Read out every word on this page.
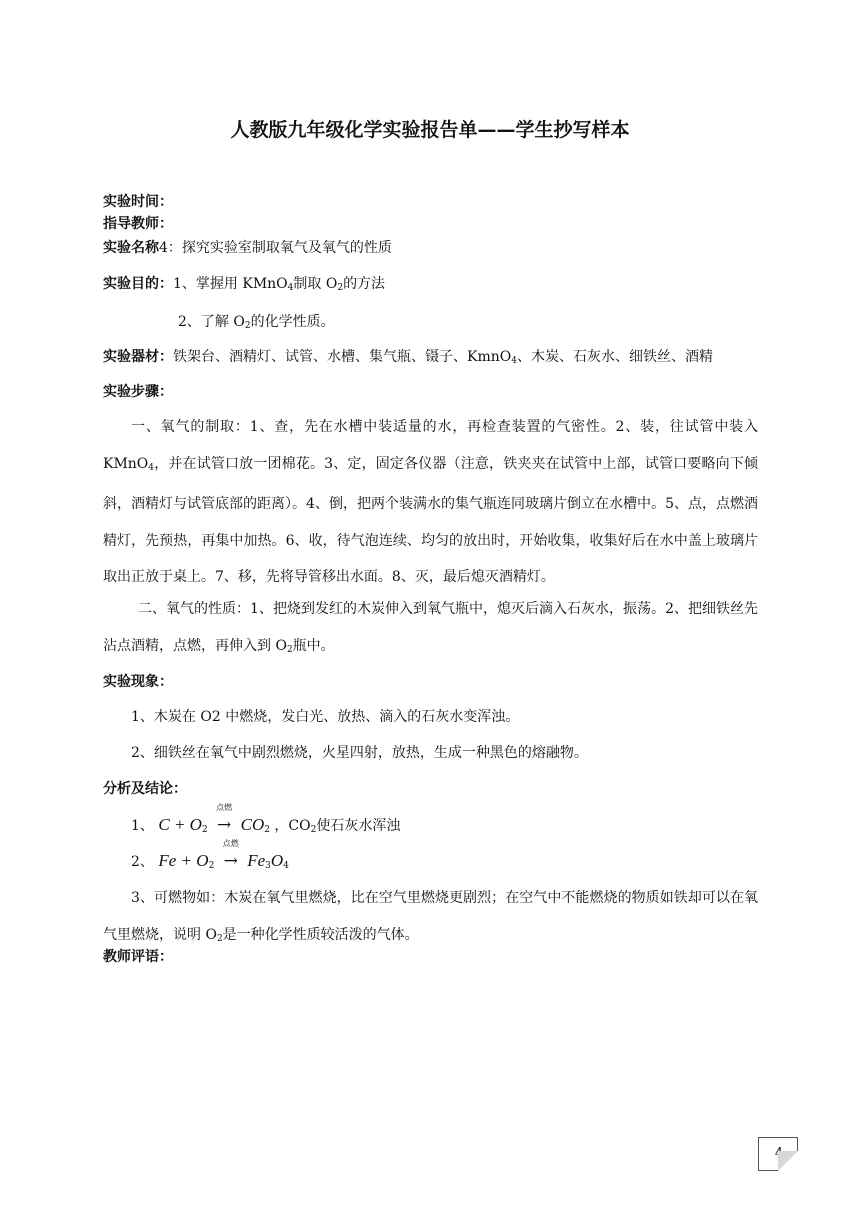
人教版九年级化学实验报告单——学生抄写样本
实验时间：
指导教师：
实验名称4：探究实验室制取氧气及氧气的性质
实验目的：1、掌握用 KMnO$_4$制取 $O_2$的方法
2、了解 $O_2$的化学性质。
实验器材：铁架台、酒精灯、试管、水槽、集气瓶、镊子、KmnO$_4$、木炭、石灰水、细铁丝、酒精
实验步骤：
一、氧气的制取：1、查，先在水槽中装适量的水，再检查装置的气密性。2、装，往试管中装入 KMnO$_4$，并在试管口放一团棉花。3、定，固定各仪器（注意，铁夹夹在试管中上部，试管口要略向下倾斜，酒精灯与试管底部的距离）。4、倒，把两个装满水的集气瓶连同玻璃片倒立在水槽中。5、点，点燃酒精灯，先预热，再集中加热。6、收，待气泡连续、均匀的放出时，开始收集，收集好后在水中盖上玻璃片取出正放于桌上。7、移，先将导管移出水面。8、灭，最后熄灭酒精灯。
二、氧气的性质：1、把烧到发红的木炭伸入到氧气瓶中，熄灭后滴入石灰水，振荡。2、把细铁丝先沾点酒精，点燃，再伸入到 $O_2$瓶中。
实验现象：
1、木炭在 O2 中燃烧，发白光、放热、滴入的石灰水变浑浊。
2、细铁丝在氧气中剧烈燃烧，火星四射，放热，生成一种黑色的熔融物。
分析及结论：
1、 $C + O_2$
点燃
→ $CO_2$ ，$CO_2$使石灰水浑浊
2、 $Fe + O_2$
点燃
→ $Fe_3O_4$
3、可燃物如：木炭在氧气里燃烧，比在空气里燃烧更剧烈；在空气中不能燃烧的物质如铁却可以在氧气里燃烧，说明 $O_2$是一种化学性质较活泼的气体。
教师评语：
4
